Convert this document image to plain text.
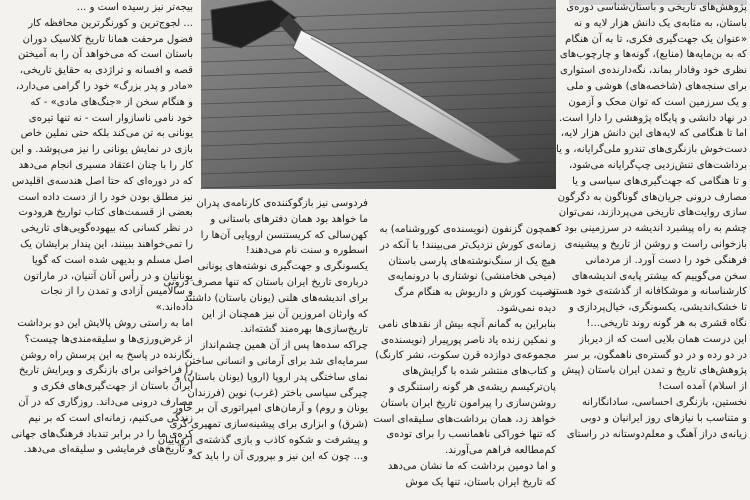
پژوهش‌های تاریخی و باستان‌شناسی دوره‌ی
باستان، به مثابه‌ی یک دانش هزار لایه و نه
«عنوان یک جهت‌گیری فکری، تا به آن هنگام
که به بن‌مایه‌ها (منابع)، گونه‌ها و چارچوب‌های
نظری خود وفادار بماند، نگه‌دارنده‌ی استواری
برای سنجه‌های (شاخصه‌های) هوشی و ملی
و یک سرزمین است که توان محک و آزمون
در نهاد دانشی و پایگاه پژوهشی را دارا است.
اما تا هنگامی که لایه‌های این دانش هزار لایه،
دست‌خوش بازنگری‌های تندرو ملی‌گرایانه، و یا
برداشت‌های تنش‌زدیی چپ‌گرایانه می‌شود،
و تا هنگامی که جهت‌گیری‌های سیاسی و یا
مصارف درونی جریان‌های گوناگون به دگرگون
سازی روایت‌های تاریخی می‌پردازند، نمی‌توان
چشم به راه پیشبرد اندیشه در سرزمینی بود که
بازخوانی راست و روشن از تاریخ و پیشینه‌ی
فرهنگی خود را دست آورد. از مردمانی
سخن می‌گوییم که بیشتر پایه‌ی اندیشه‌های
کارشناسانه و موشکافانه از گذشته‌ی خود هستند
تا خشک‌اندیشی، یکسونگری، خیال‌پردازی و
نگاه قشری به هر گونه روند تاریخی...!
این درست همان بلایی است که از دیرباز
در دو رده و در دو گستره‌ی ناهمگون، بر سر
پژوهش‌های تاریخ و تمدن ایران باستان (پیش
از اسلام) آمده است!
نخستین، بازنگری احساسی، سادانگارانه
و متناسب با نیازهای روز ایرانیان و دوبی‌
زیانه‌ی دراز آهنگ و معلم‌دوستانه در راستای

همچون گزنفون (نویسنده‌ی کوروشنامه) به
زمانه‌ی کورش نزدیک‌تر می‌بینند! با آنکه در
هیچ یک از سنگ‌نوشته‌های پارسی باستان
(میخی هخامنشی) نوشتاری با درونمایه‌ی
وصیت کورش و داریوش به هنگام مرگ
دیده نمی‌شود.
بنابراین به گمانم آنچه بیش از نقدهای نامی
و نمکین زنده یاد ناصر پورپیرار (نویسنده‌ی
مجموعه‌ی دوازده قرن سکوت، نشر کارنگ)
و کتاب‌های منتشر شده با گرایش‌های
پان‌ترکیسم ریشه‌ی هر گونه راستنگری و
روشن‌سازی را پیرامون تاریخ ایران باستان
خواهد زد، همان برداشت‌های سلیقه‌ای است
که تنها خوراکی ناهمانسب را برای توده‌ی
کم‌مطالعه فراهم می‌آورند.
و اما دومین برداشت که ما نشان می‌دهد
که تاریخ ایران باستان، تنها یک موش

فردوسی نیز بازگوکننده‌ی کارنامه‌ی پدران
ما خواهد بود همان دفترهای باستانی و
کهن‌سالی که کریستنسن اروپایی آن‌ها را
اسطوره و سنت نام می‌دهند!
یکسونگری و جهت‌گیری نوشته‌های یونانی
درباره‌ی تاریخ ایران باستان که تنها مصرف درونی
برای اندیشه‌های هلنی (یونان باستان) داشتند
که وارثان امروزین آن نیز همچنان از این
تاریخ‌سازی‌ها بهره‌مند گشته‌اند.
چراکه سده‌ها پس از آن همین چشم‌انداز
سرمایه‌ای شد برای آرمانی و انسانی ساختن
نمای ساختگی پدر اروپا (اروپا (یونان باستان) و
چیرگی سیاسی باختر (غرب) نوین (فرزندان
یونان و روم) و آرمان‌های امپراتوری آن بر خاور
(شرق) و ابزاری برای پیشینه‌سازی تمهیری گری
و پیشرفت و شکوه کاذب و بازی گذشته‌ی اروپاییان
و... چون که این نیز و بپروری آن را باید که

بیجه‌تر نیز رسیده است و ...
... لجوج‌ترین و کورنگرترین محافظه کار
فضول مرحفت همانا تاریخ کلاسیک دوران
باستان است که می‌خواهد آن را به آمیختن
قصه و افسانه و تراژدی به حقایق تاریخی،
«مادر و پدر بزرگ» خود را گرامی می‌دارد،
و هنگام سخن از «جنگ‌های مادی» - که
خود نامی ناساز‌وار است - نه تنها تیره‌ی
یونانی به تن می‌کند بلکه حتی نملین خاص
بازی در نمایش یونانی را نیز می‌پوشد. و این
کار را با چنان اعتقاد مسیری انجام می‌دهد
که در دوره‌ای که حتا اصل هندسه‌ی اقلیدس
نیز مطلق بودن خود را از دست داده است
بعضی از قسمت‌های کتاب تواریخ هرودوت
در نظر کسانی که بیهوده‌گویی‌های تاریخی
را تمی‌خواهند ببینند، این پندار برایشان یک
اصل مسلم و بدیهی شده است که گویا
یونانیان و در رأس آنان آتنیان، در ماراتون
و سالامیس آزادی و تمدن را از نجات
داده‌اند.»
اما به راستی روش پالایش این دو برداشت
از غرض‌ورزی‌ها و سلیقه‌مندی‌ها چیست؟
نگارنده در پاسخ به این پرسش راه روشن
را فراخوانی برای بازنگری و ویرایش تاریخ
ایران باستان از جهت‌گیری‌های فکری و
مصارف درونی می‌داند. روزگاری که در آن
زندگی می‌کنیم، زمانه‌ای است که بر نیم
کره‌ی ما را در برابر تندباد فرهنگ‌های جهانی
و تاریخ‌های فرمایشی و سلیقه‌ای می‌دهد.
